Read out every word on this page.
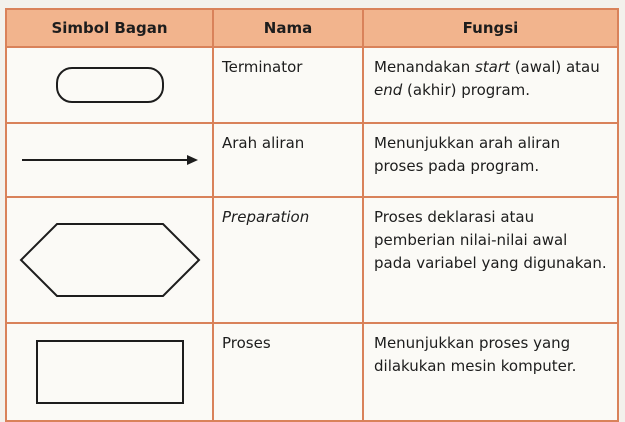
Simbol Bagan	Nama	Fungsi

	Terminator	Menandakan start (awal) atau end (akhir) program.

	Arah aliran	Menunjukkan arah aliran proses pada program.

	Preparation	Proses deklarasi atau pemberian nilai-nilai awal pada variabel yang digunakan.

	Proses	Menunjukkan proses yang dilakukan mesin komputer.
